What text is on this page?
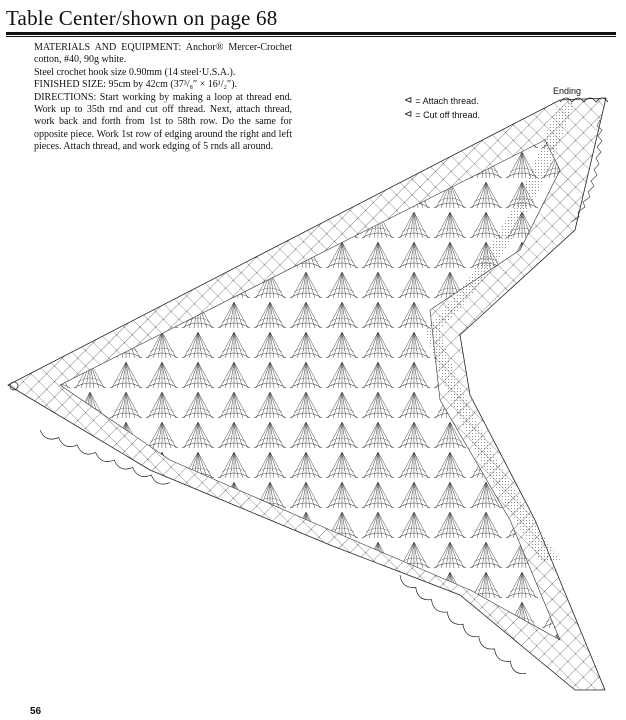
Table Center/shown on page 68

MATERIALS AND EQUIPMENT: Anchor® Mercer-Crochet cotton, #40, 90g white.

Steel crochet hook size 0.90mm (14 steel·U.S.A.).

FINISHED SIZE: 95cm by 42cm (37³/₈″ × 16¹/₂″).

DIRECTIONS: Start working by making a loop at thread end. Work up to 35th rnd and cut off thread. Next, attach thread, work back and forth from 1st to 58th row. Do the same for opposite piece. Work 1st row of edging around the right and left pieces. Attach thread, and work edging of 5 rnds all around.

Ending
⊲ = Attach thread.
⊲ = Cut off thread.
56
